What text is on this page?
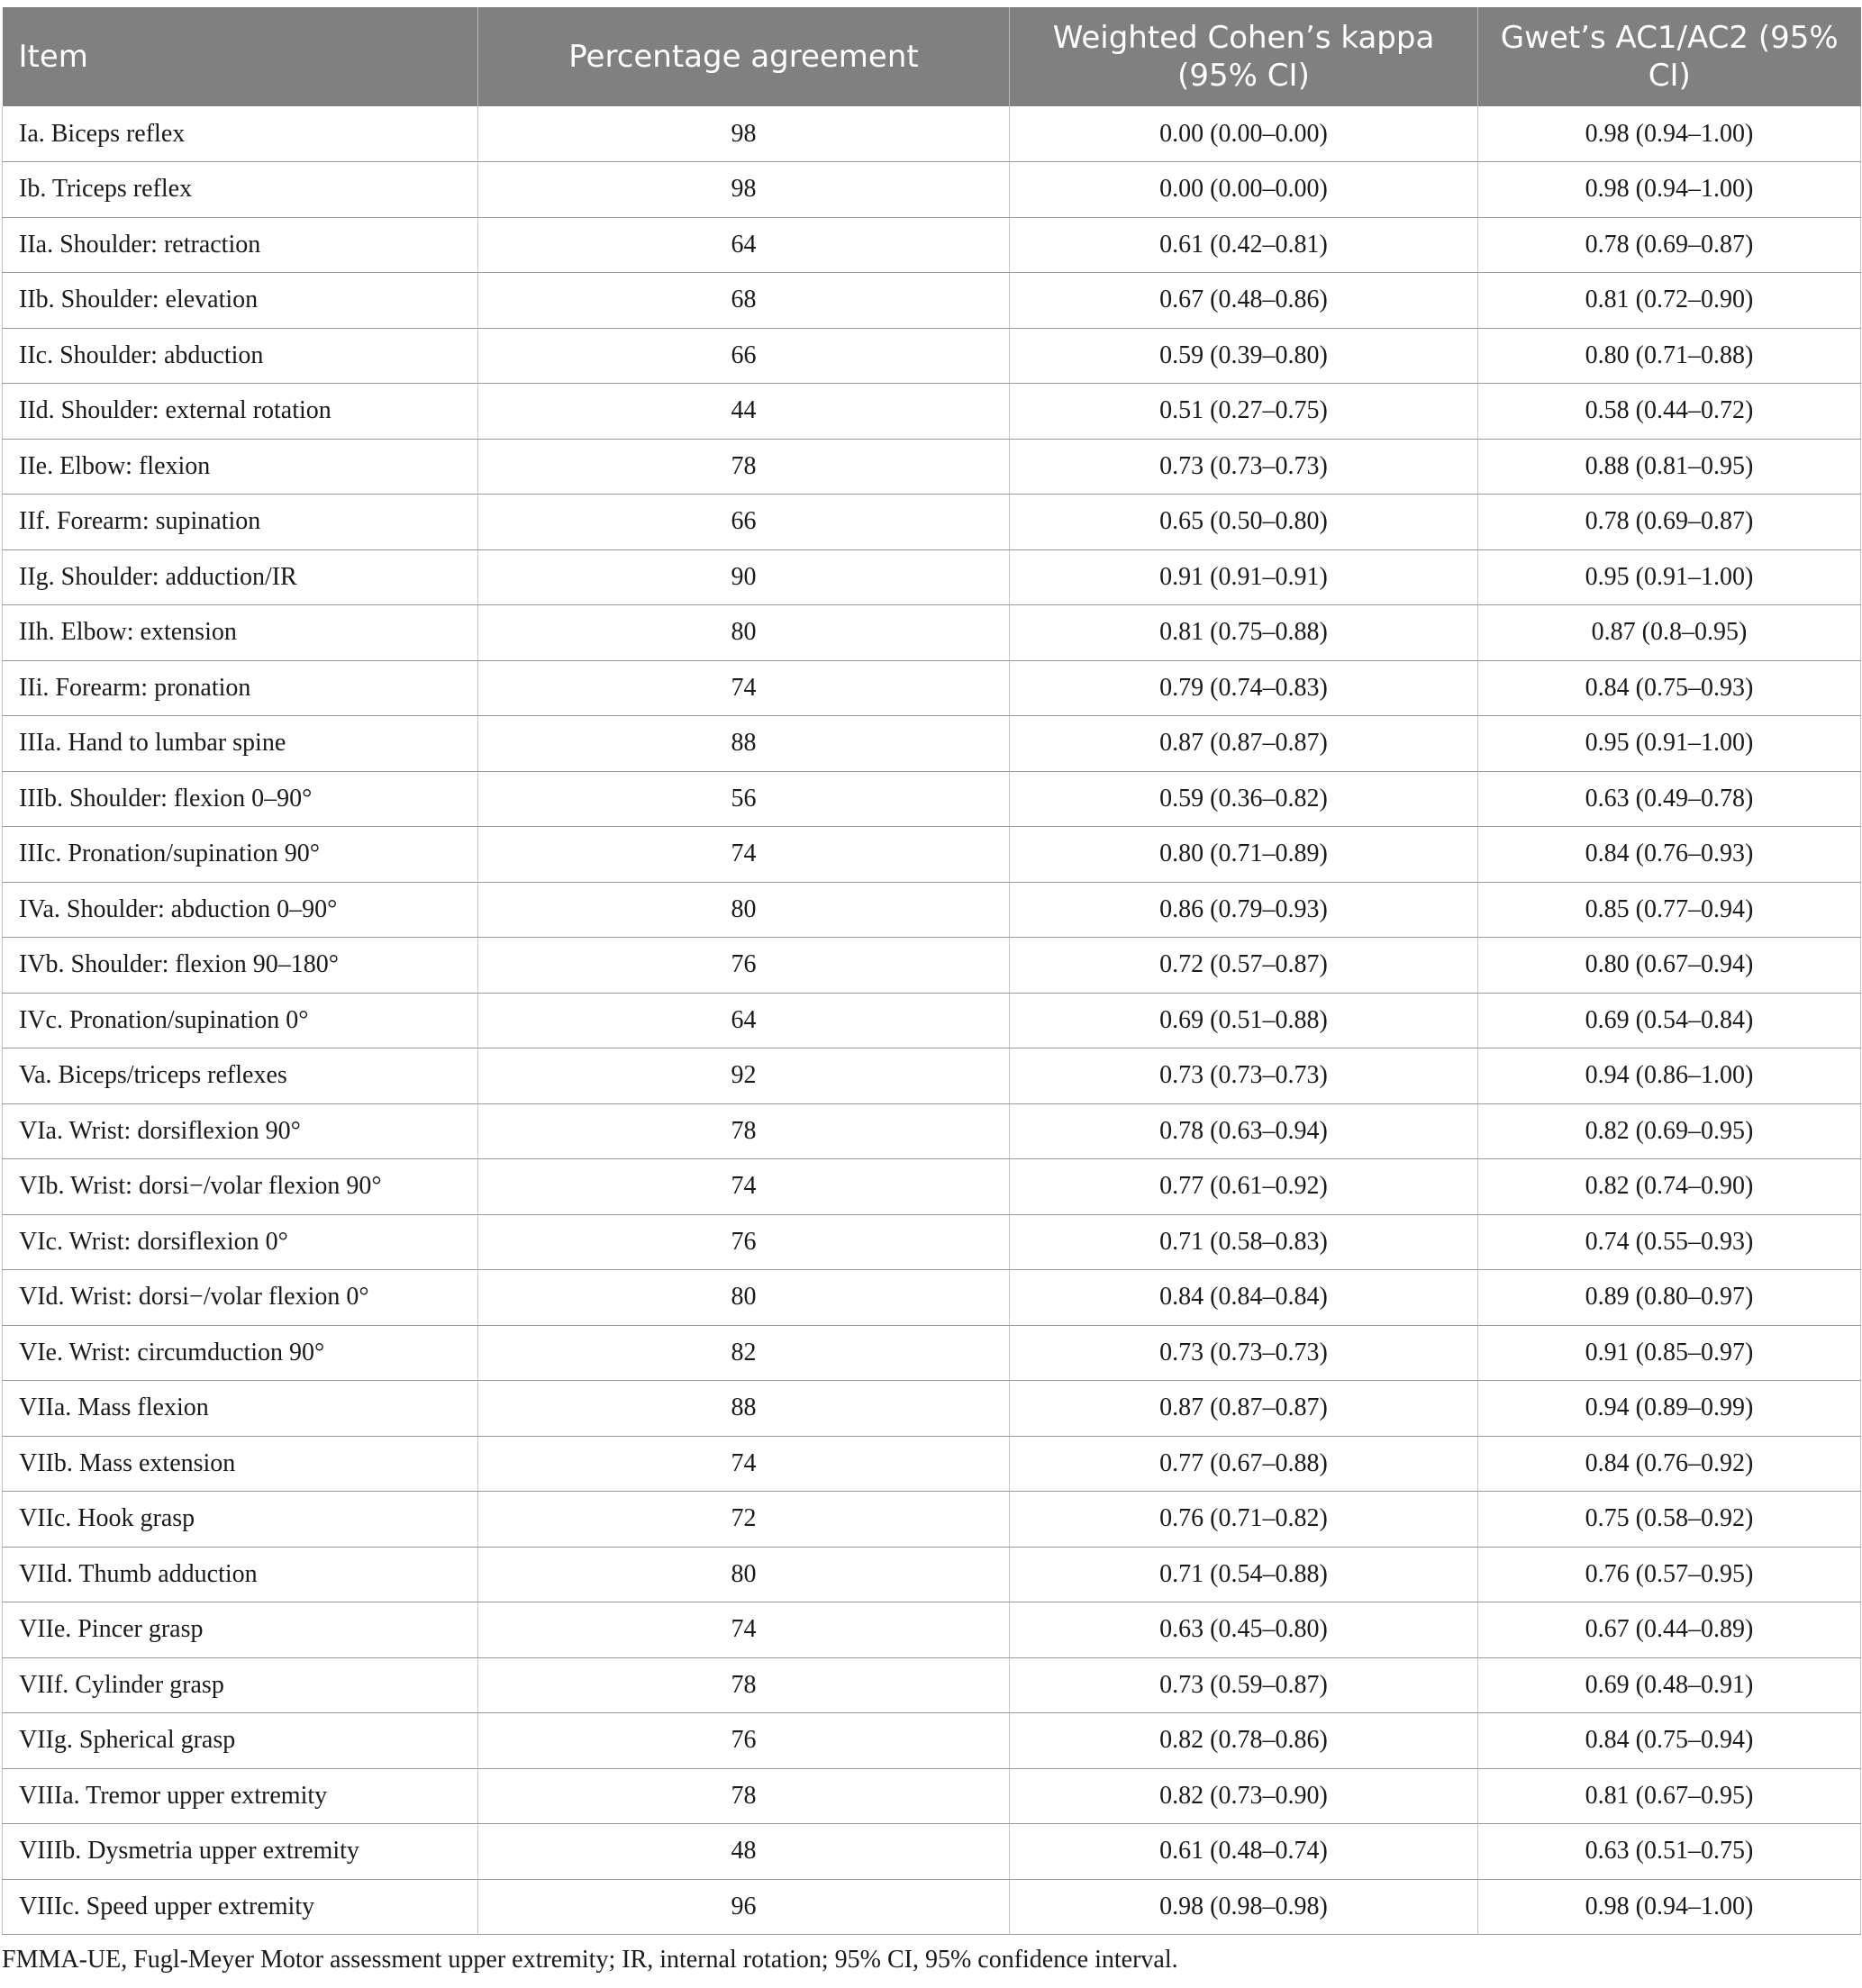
Item	Percentage agreement	Weighted Cohen’s kappa (95% CI)	Gwet’s AC1/AC2 (95% CI)
Ia. Biceps reflex	98	0.00 (0.00–0.00)	0.98 (0.94–1.00)
Ib. Triceps reflex	98	0.00 (0.00–0.00)	0.98 (0.94–1.00)
IIa. Shoulder: retraction	64	0.61 (0.42–0.81)	0.78 (0.69–0.87)
IIb. Shoulder: elevation	68	0.67 (0.48–0.86)	0.81 (0.72–0.90)
IIc. Shoulder: abduction	66	0.59 (0.39–0.80)	0.80 (0.71–0.88)
IId. Shoulder: external rotation	44	0.51 (0.27–0.75)	0.58 (0.44–0.72)
IIe. Elbow: flexion	78	0.73 (0.73–0.73)	0.88 (0.81–0.95)
IIf. Forearm: supination	66	0.65 (0.50–0.80)	0.78 (0.69–0.87)
IIg. Shoulder: adduction/IR	90	0.91 (0.91–0.91)	0.95 (0.91–1.00)
IIh. Elbow: extension	80	0.81 (0.75–0.88)	0.87 (0.8–0.95)
IIi. Forearm: pronation	74	0.79 (0.74–0.83)	0.84 (0.75–0.93)
IIIa. Hand to lumbar spine	88	0.87 (0.87–0.87)	0.95 (0.91–1.00)
IIIb. Shoulder: flexion 0–90°	56	0.59 (0.36–0.82)	0.63 (0.49–0.78)
IIIc. Pronation/supination 90°	74	0.80 (0.71–0.89)	0.84 (0.76–0.93)
IVa. Shoulder: abduction 0–90°	80	0.86 (0.79–0.93)	0.85 (0.77–0.94)
IVb. Shoulder: flexion 90–180°	76	0.72 (0.57–0.87)	0.80 (0.67–0.94)
IVc. Pronation/supination 0°	64	0.69 (0.51–0.88)	0.69 (0.54–0.84)
Va. Biceps/triceps reflexes	92	0.73 (0.73–0.73)	0.94 (0.86–1.00)
VIa. Wrist: dorsiflexion 90°	78	0.78 (0.63–0.94)	0.82 (0.69–0.95)
VIb. Wrist: dorsi−/volar flexion 90°	74	0.77 (0.61–0.92)	0.82 (0.74–0.90)
VIc. Wrist: dorsiflexion 0°	76	0.71 (0.58–0.83)	0.74 (0.55–0.93)
VId. Wrist: dorsi−/volar flexion 0°	80	0.84 (0.84–0.84)	0.89 (0.80–0.97)
VIe. Wrist: circumduction 90°	82	0.73 (0.73–0.73)	0.91 (0.85–0.97)
VIIa. Mass flexion	88	0.87 (0.87–0.87)	0.94 (0.89–0.99)
VIIb. Mass extension	74	0.77 (0.67–0.88)	0.84 (0.76–0.92)
VIIc. Hook grasp	72	0.76 (0.71–0.82)	0.75 (0.58–0.92)
VIId. Thumb adduction	80	0.71 (0.54–0.88)	0.76 (0.57–0.95)
VIIe. Pincer grasp	74	0.63 (0.45–0.80)	0.67 (0.44–0.89)
VIIf. Cylinder grasp	78	0.73 (0.59–0.87)	0.69 (0.48–0.91)
VIIg. Spherical grasp	76	0.82 (0.78–0.86)	0.84 (0.75–0.94)
VIIIa. Tremor upper extremity	78	0.82 (0.73–0.90)	0.81 (0.67–0.95)
VIIIb. Dysmetria upper extremity	48	0.61 (0.48–0.74)	0.63 (0.51–0.75)
VIIIc. Speed upper extremity	96	0.98 (0.98–0.98)	0.98 (0.94–1.00)

FMMA-UE, Fugl-Meyer Motor assessment upper extremity; IR, internal rotation; 95% CI, 95% confidence interval.
